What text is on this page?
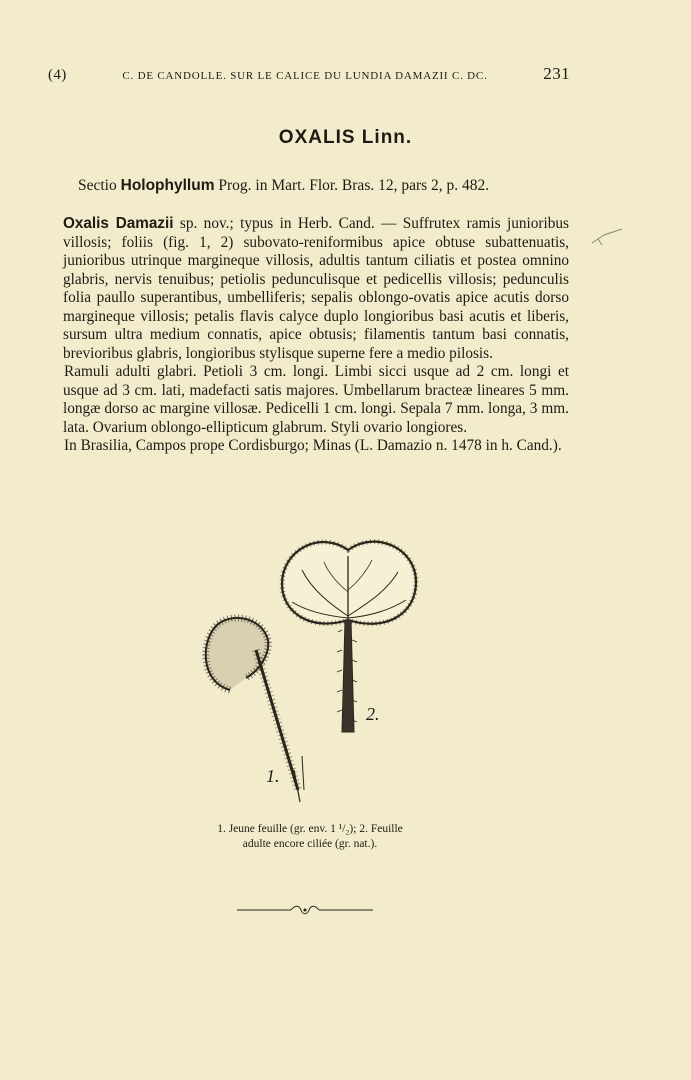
(4)	C. DE CANDOLLE. SUR LE CALICE DU LUNDIA DAMAZII C. DC.	231
OXALIS Linn.
Sectio Holophyllum Prog. in Mart. Flor. Bras. 12, pars 2, p. 482.

Oxalis Damazii sp. nov.; typus in Herb. Cand. — Suffrutex ramis junioribus villosis; foliis (fig. 1, 2) subovato-reniformibus apice obtuse subattenuatis, junioribus utrinque margineque villosis, adultis tantum ciliatis et postea omnino glabris, nervis tenuibus; petiolis pedunculisque et pedicellis villosis; pedunculis folia paullo superantibus, umbelliferis; sepalis oblongo-ovatis apice acutis dorso margineque villosis; petalis flavis calyce duplo longioribus basi acutis et liberis, sursum ultra medium connatis, apice obtusis; filamentis tantum basi connatis, brevioribus glabris, longioribus stylisque superne fere a medio pilosis.

Ramuli adulti glabri. Petioli 3 cm. longi. Limbi sicci usque ad 2 cm. longi et usque ad 3 cm. lati, madefacti satis majores. Umbellarum bracteæ lineares 5 mm. longæ dorso ac margine villosæ. Pedicelli 1 cm. longi. Sepala 7 mm. longa, 3 mm. lata. Ovarium oblongo-ellipticum glabrum. Styli ovario longiores.

In Brasilia, Campos prope Cordisburgo; Minas (L. Damazio n. 1478 in h. Cand.).

2.
1.
1. Jeune feuille (gr. env. 1 ¹/₂); 2. Feuille
adulte encore ciliée (gr. nat.).
